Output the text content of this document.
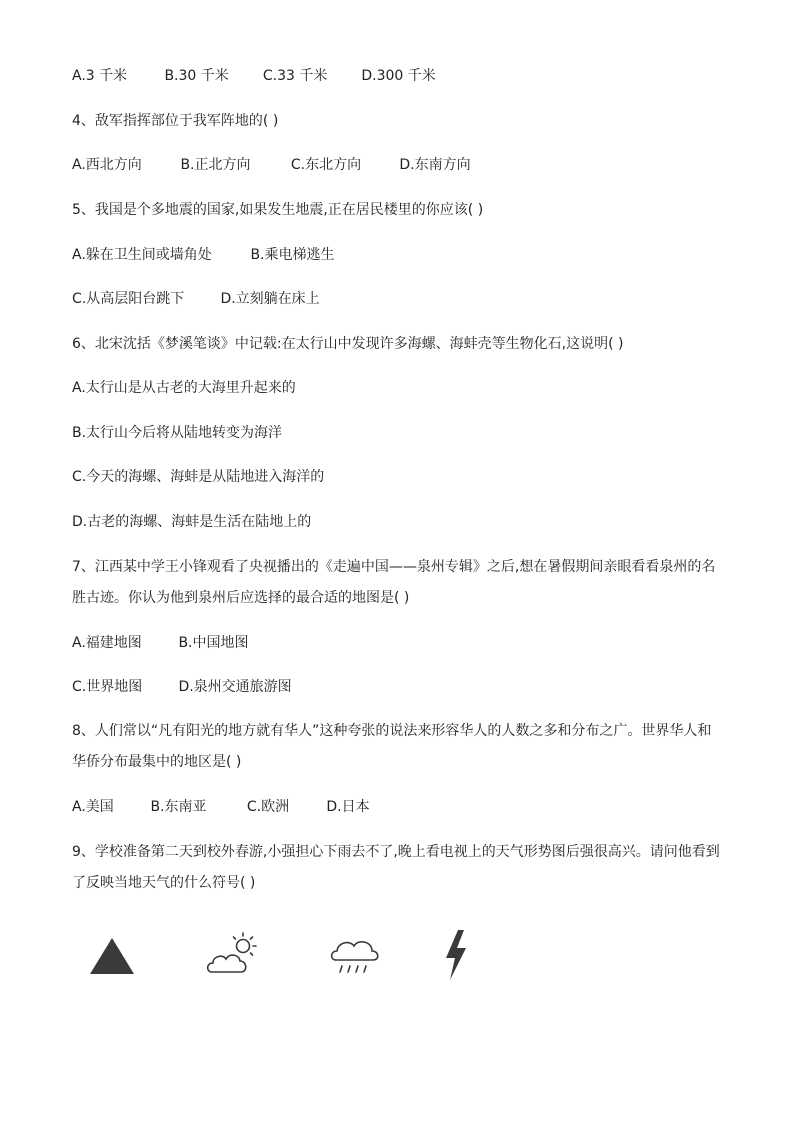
A.3 千米	B.30 千米 C.33 千米 D.300 千米
4、敌军指挥部位于我军阵地的( )
A.西北方向	B.正北方向	C.东北方向	D.东南方向
5、我国是个多地震的国家,如果发生地震,正在居民楼里的你应该( )
A.躲在卫生间或墙角处	B.乘电梯逃生
C.从高层阳台跳下	D.立刻躺在床上
6、北宋沈括《梦溪笔谈》中记载:在太行山中发现许多海螺、海蚌壳等生物化石,这说明( )
A.太行山是从古老的大海里升起来的
B.太行山今后将从陆地转变为海洋
C.今天的海螺、海蚌是从陆地进入海洋的
D.古老的海螺、海蚌是生活在陆地上的
7、江西某中学王小锋观看了央视播出的《走遍中国——泉州专辑》之后,想在暑假期间亲眼看看泉州的名
胜古迹。你认为他到泉州后应选择的最合适的地图是( )
A.福建地图	B.中国地图
C.世界地图	D.泉州交通旅游图
8、人们常以“凡有阳光的地方就有华人”这种夸张的说法来形容华人的人数之多和分布之广。世界华人和
华侨分布最集中的地区是( )
A.美国	B.东南亚	C.欧洲	D.日本
9、学校准备第二天到校外春游,小强担心下雨去不了,晚上看电视上的天气形势图后强很高兴。请问他看到
了反映当地天气的什么符号( )
